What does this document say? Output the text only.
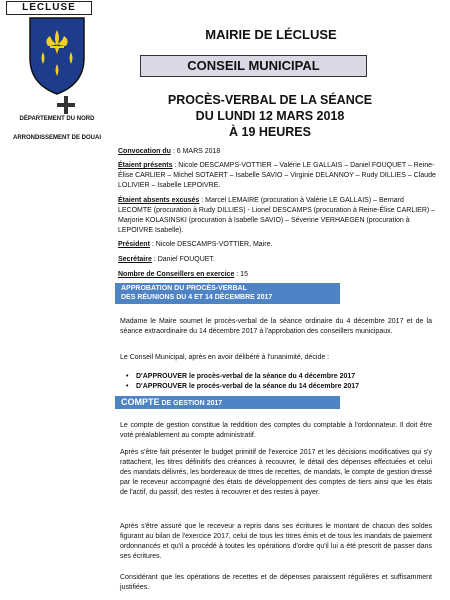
LECLUSE
DÉPARTEMENT DU NORD
ARRONDISSEMENT DE DOUAI
MAIRIE DE LÉCLUSE
CONSEIL MUNICIPAL
PROCÈS-VERBAL DE LA SÉANCE
DU LUNDI 12 MARS 2018
À 19 HEURES
Convocation du : 6 MARS 2018
Étaient présents : Nicole DESCAMPS-VOTTIER – Valérie LE GALLAIS – Daniel FOUQUET – Reine-Élise CARLIER – Michel SOTAERT – Isabelle SAVIO – Virginie DELANNOY – Rudy DILLIES – Claude LOLIVIER – Isabelle LEPOIVRE.
Étaient absents excusés : Marcel LEMAIRE (procuration à Valérie LE GALLAIS) – Bernard LECOMTE (procuration à Rudy DILLIES) - Lionel DESCAMPS (procuration à Reine-Élise CARLIER) – Marjorie KOLASINSKI (procuration à Isabelle SAVIO) – Séverine VERHAEGEN (procuration à LEPOIVRE Isabelle).
Président : Nicole DESCAMPS-VOTTIER, Maire.
Secrétaire : Daniel FOUQUET.
Nombre de Conseillers en exercice : 15
APPROBATION DU PROCÈS-VERBAL
DES RÉUNIONS DU 4 ET 14 DÉCEMBRE 2017
Madame le Maire soumet le procès-verbal de la séance ordinaire du 4 décembre 2017 et de la séance extraordinaire du 14 décembre 2017 à l'approbation des conseillers municipaux.
Le Conseil Municipal, après en avoir délibéré à l'unanimité, décide :
• D'APPROUVER le procès-verbal de la séance du 4 décembre 2017
• D'APPROUVER le procès-verbal de la séance du 14 décembre 2017
COMPTE DE GESTION 2017
Le compte de gestion constitue la reddition des comptes du comptable à l'ordonnateur. Il doit être voté préalablement au compte administratif.
Après s'être fait présenter le budget primitif de l'exercice 2017 et les décisions modificatives qui s'y rattachent, les titres définitifs des créances à recouvrer, le détail des dépenses effectuées et celui des mandats délivrés, les bordereaux de titres de recettes, de mandats, le compte de gestion dressé par le receveur accompagné des états de développement des comptes de tiers ainsi que les états de l'actif, du passif, des restes à recouvrer et des restes à payer.
Après s'être assuré que le receveur a repris dans ses écritures le montant de chacun des soldes figurant au bilan de l'exercice 2017, celui de tous les titres émis et de tous les mandats de paiement ordonnancés et qu'il a procédé à toutes les opérations d'ordre qu'il lui a été prescrit de passer dans ses écritures.
Considérant que les opérations de recettes et de dépenses paraissent régulières et suffisamment justifiées.
